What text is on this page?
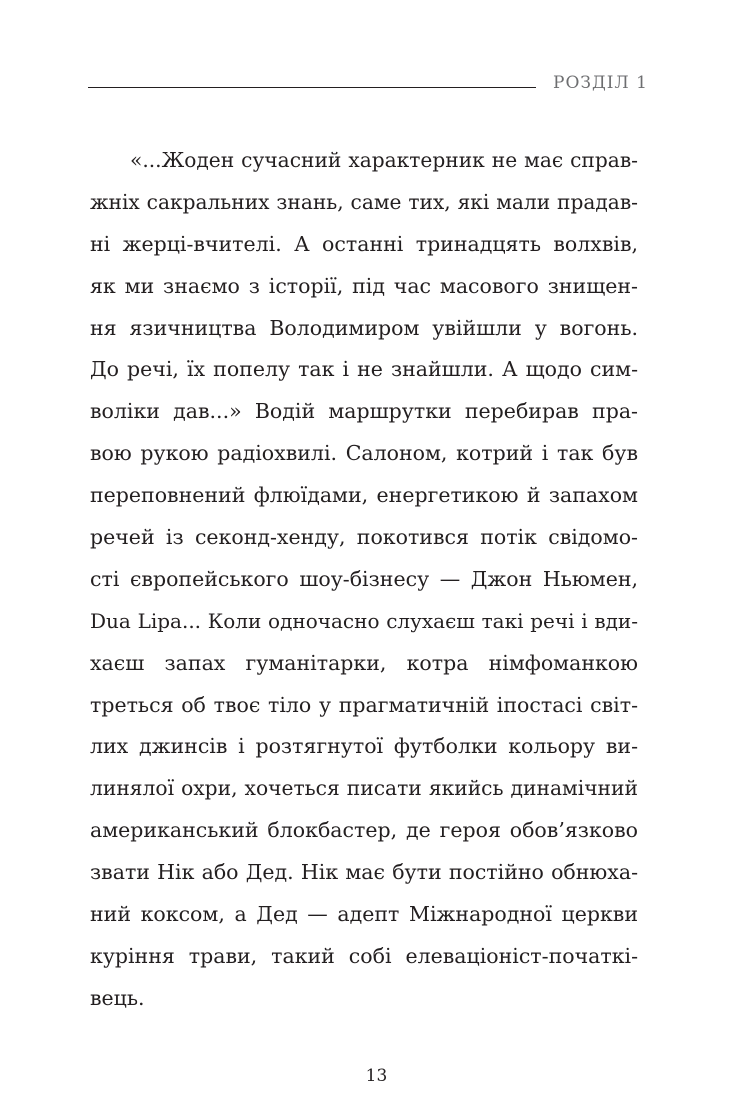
РОЗДІЛ 1
«...Жоден сучасний характерник не має справ-
жніх сакральних знань, саме тих, які мали прадав-
ні жерці-вчителі. А останні тринадцять волхвів,
як ми знаємо з історії, під час масового знищен-
ня язичництва Володимиром увійшли у вогонь.
До речі, їх попелу так і не знайшли. А щодо сим-
воліки дав...» Водій маршрутки перебирав пра-
вою рукою радіохвилі. Салоном, котрий і так був
переповнений флюїдами, енергетикою й запахом
речей із секонд-хенду, покотився потік свідомо-
сті європейського шоу-бізнесу — Джон Ньюмен,
Dua Lipa... Коли одночасно слухаєш такі речі і вди-
хаєш запах гуманітарки, котра німфоманкою
треться об твоє тіло у прагматичній іпостасі світ-
лих джинсів і розтягнутої футболки кольору ви-
линялої охри, хочеться писати якийсь динамічний
американський блокбастер, де героя обов’язково
звати Нік або Дед. Нік має бути постійно обнюха-
ний коксом, а Дед — адепт Міжнародної церкви
куріння трави, такий собі елеваціоніст-початкі-
вець.
13
